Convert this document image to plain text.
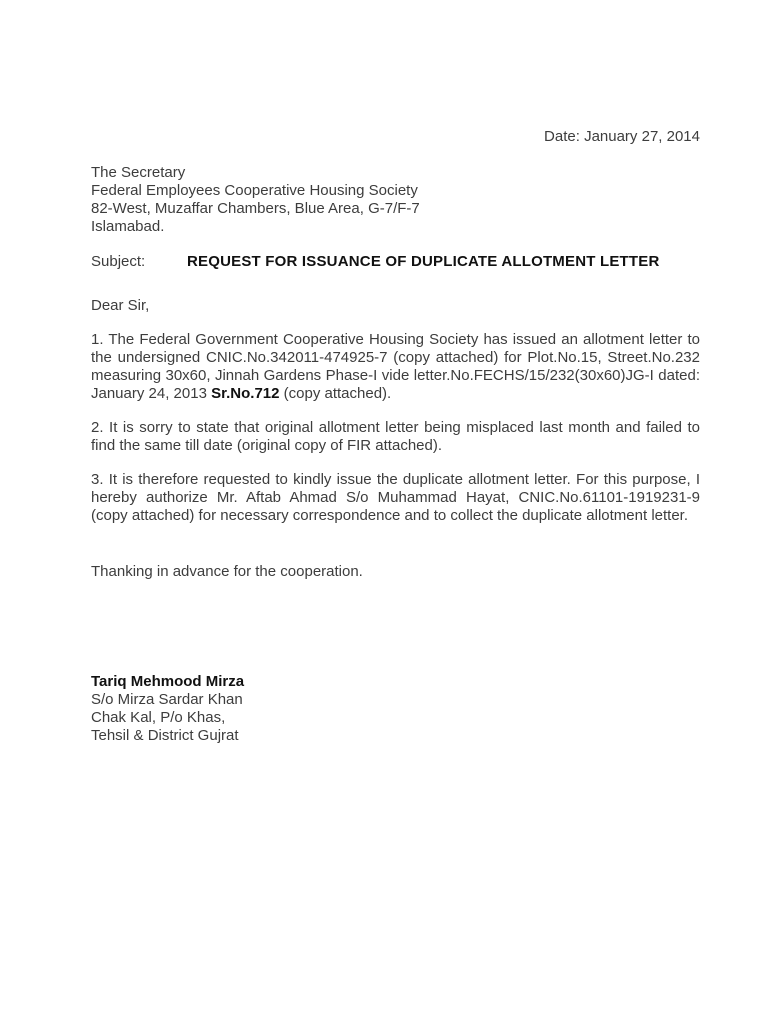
Date: January 27, 2014

The Secretary

Federal Employees Cooperative Housing Society

82-West, Muzaffar Chambers, Blue Area, G-7/F-7

Islamabad.

Subject:	REQUEST FOR ISSUANCE OF DUPLICATE ALLOTMENT LETTER

Dear Sir,

1. The Federal Government Cooperative Housing Society has issued an allotment letter to the undersigned CNIC.No.342011-474925-7 (copy attached) for Plot.No.15, Street.No.232 measuring 30x60, Jinnah Gardens Phase-I vide letter.No.FECHS/15/232(30x60)JG-I dated: January 24, 2013 Sr.No.712 (copy attached).

2. It is sorry to state that original allotment letter being misplaced last month and failed to find the same till date (original copy of FIR attached).

3. It is therefore requested to kindly issue the duplicate allotment letter. For this purpose, I hereby authorize Mr. Aftab Ahmad S/o Muhammad Hayat, CNIC.No.61101-1919231-9 (copy attached) for necessary correspondence and to collect the duplicate allotment letter.

Thanking in advance for the cooperation.

Tariq Mehmood Mirza

S/o Mirza Sardar Khan

Chak Kal, P/o Khas,

Tehsil & District Gujrat
